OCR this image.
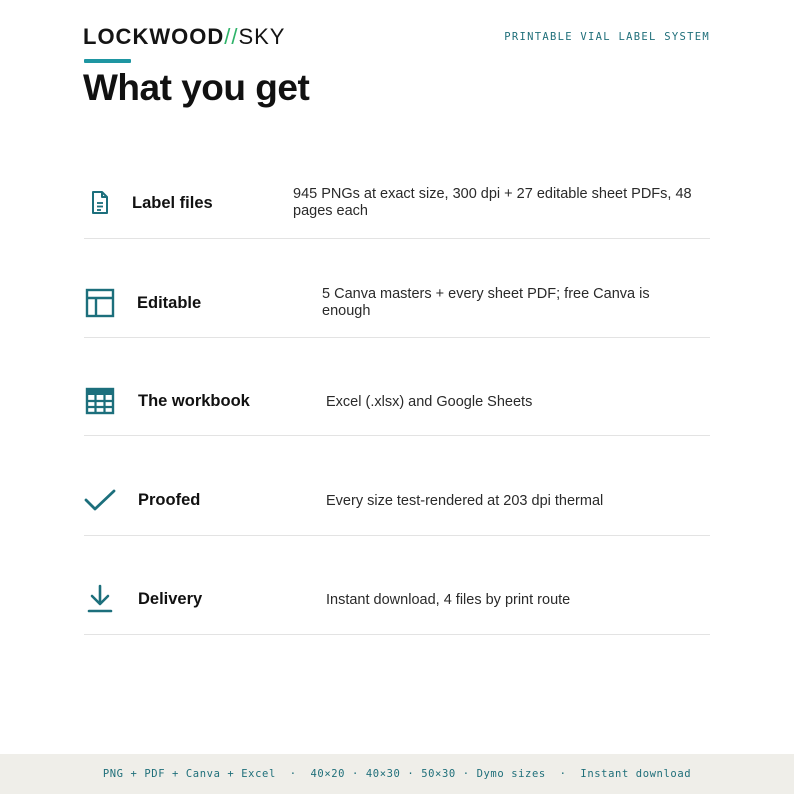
LOCKWOOD//SKY	PRINTABLE VIAL LABEL SYSTEM
What you get
Label files	945 PNGs at exact size, 300 dpi + 27 editable sheet PDFs, 48 pages each
Editable	5 Canva masters + every sheet PDF; free Canva is enough
The workbook	Excel (.xlsx) and Google Sheets
Proofed	Every size test-rendered at 203 dpi thermal
Delivery	Instant download, 4 files by print route
PNG + PDF + Canva + Excel  ·  40×20 · 40×30 · 50×30 · Dymo sizes  ·  Instant download
